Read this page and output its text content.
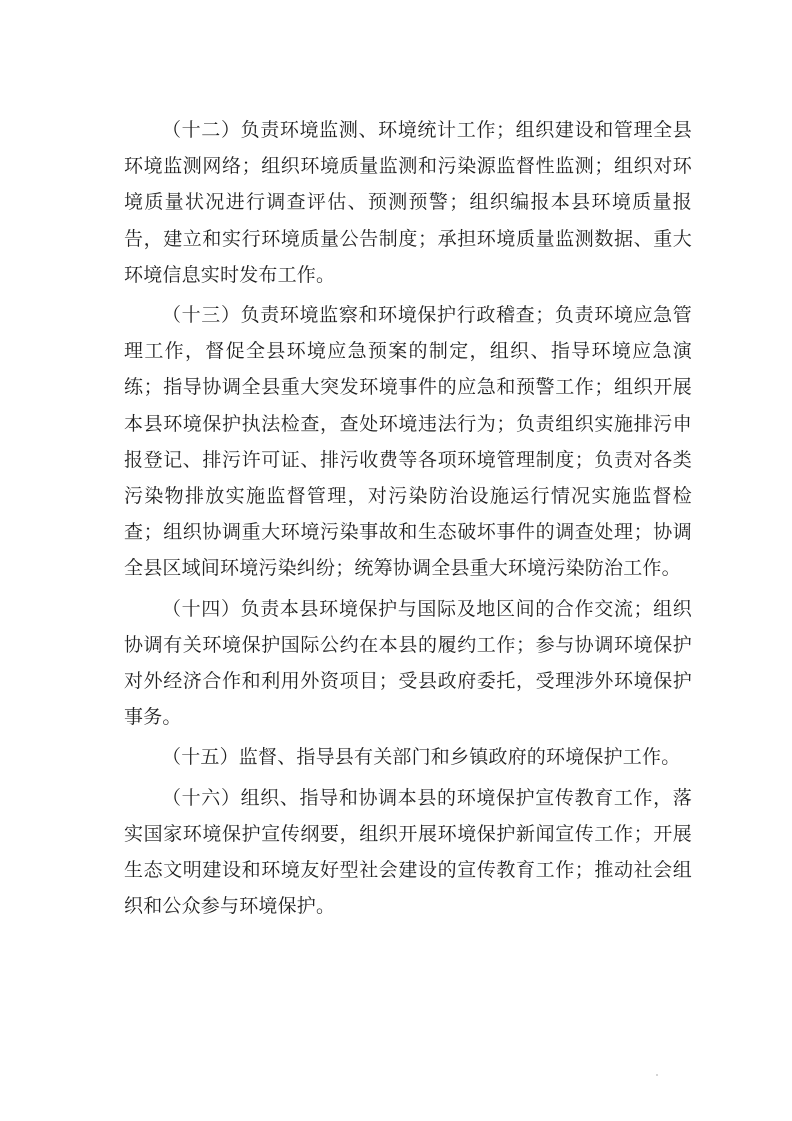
（十二）负责环境监测、环境统计工作；组织建设和管理全县环境监测网络；组织环境质量监测和污染源监督性监测；组织对环境质量状况进行调查评估、预测预警；组织编报本县环境质量报告，建立和实行环境质量公告制度；承担环境质量监测数据、重大环境信息实时发布工作。

（十三）负责环境监察和环境保护行政稽查；负责环境应急管理工作，督促全县环境应急预案的制定，组织、指导环境应急演练；指导协调全县重大突发环境事件的应急和预警工作；组织开展本县环境保护执法检查，查处环境违法行为；负责组织实施排污申报登记、排污许可证、排污收费等各项环境管理制度；负责对各类污染物排放实施监督管理，对污染防治设施运行情况实施监督检查；组织协调重大环境污染事故和生态破坏事件的调查处理；协调全县区域间环境污染纠纷；统筹协调全县重大环境污染防治工作。

（十四）负责本县环境保护与国际及地区间的合作交流；组织协调有关环境保护国际公约在本县的履约工作；参与协调环境保护对外经济合作和利用外资项目；受县政府委托，受理涉外环境保护事务。

（十五）监督、指导县有关部门和乡镇政府的环境保护工作。

（十六）组织、指导和协调本县的环境保护宣传教育工作，落实国家环境保护宣传纲要，组织开展环境保护新闻宣传工作；开展生态文明建设和环境友好型社会建设的宣传教育工作；推动社会组织和公众参与环境保护。
